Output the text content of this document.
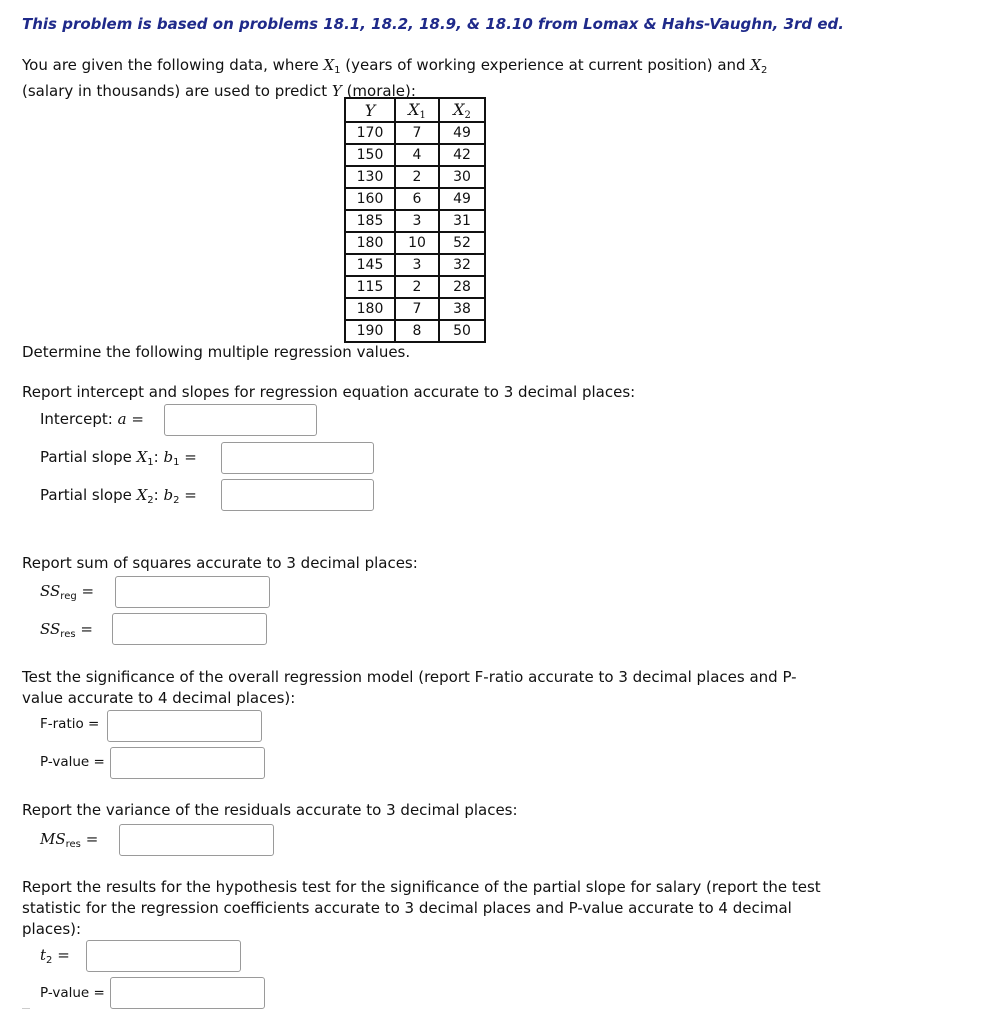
This problem is based on problems 18.1, 18.2, 18.9, & 18.10 from Lomax & Hahs-Vaughn, 3rd ed.
You are given the following data, where $X_1$ (years of working experience at current position) and $X_2$
(salary in thousands) are used to predict Y (morale):
Y	$X_1$	$X_2$
170	7	49
150	4	42
130	2	30
160	6	49
185	3	31
180	10	52
145	3	32
115	2	28
180	7	38
190	8	50
Determine the following multiple regression values.
Report intercept and slopes for regression equation accurate to 3 decimal places:
Intercept: a =
Partial slope $X_1$: $b_1$ =
Partial slope $X_2$: $b_2$ =
Report sum of squares accurate to 3 decimal places:
$SS_{reg}$ =
$SS_{res}$ =
Test the significance of the overall regression model (report F-ratio accurate to 3 decimal places and P-
value accurate to 4 decimal places):
F-ratio =
P-value =
Report the variance of the residuals accurate to 3 decimal places:
$MS_{res}$ =
Report the results for the hypothesis test for the significance of the partial slope for salary (report the test
statistic for the regression coefficients accurate to 3 decimal places and P-value accurate to 4 decimal
places):
$t_2$ =
P-value =
